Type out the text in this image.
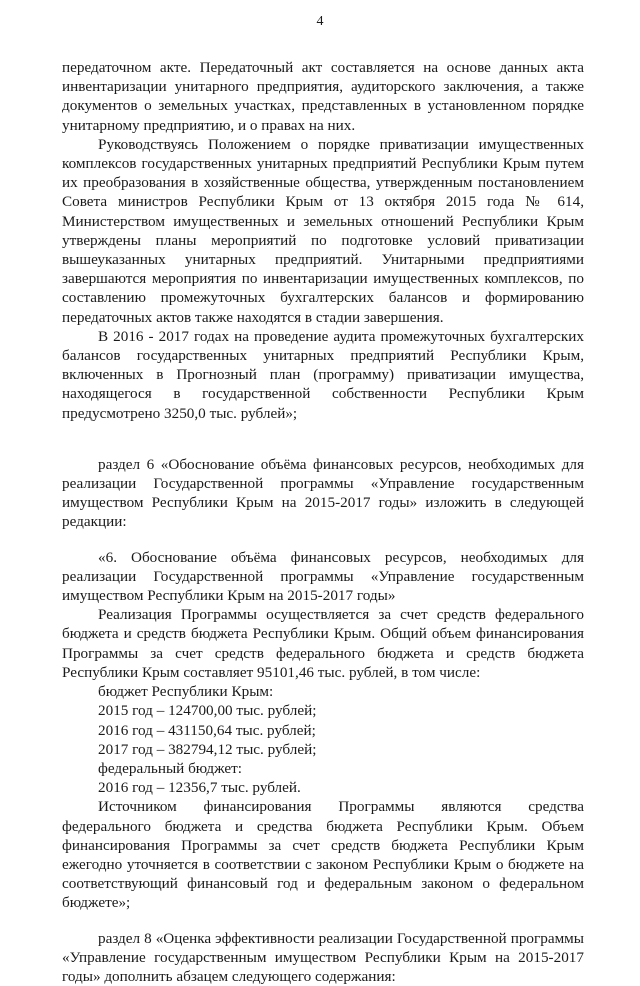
4

передаточном акте. Передаточный акт составляется на основе данных акта инвентаризации унитарного предприятия, аудиторского заключения, а также документов о земельных участках, представленных в установленном порядке унитарному предприятию, и о правах на них.

Руководствуясь Положением о порядке приватизации имущественных комплексов государственных унитарных предприятий Республики Крым путем их преобразования в хозяйственные общества, утвержденным постановлением Совета министров Республики Крым от 13 октября 2015 года № 614, Министерством имущественных и земельных отношений Республики Крым утверждены планы мероприятий по подготовке условий приватизации вышеуказанных унитарных предприятий. Унитарными предприятиями завершаются мероприятия по инвентаризации имущественных комплексов, по составлению промежуточных бухгалтерских балансов и формированию передаточных актов также находятся в стадии завершения.

В 2016 - 2017 годах на проведение аудита промежуточных бухгалтерских балансов государственных унитарных предприятий Республики Крым, включенных в Прогнозный план (программу) приватизации имущества, находящегося в государственной собственности Республики Крым предусмотрено 3250,0 тыс. рублей»;

раздел 6 «Обоснование объёма финансовых ресурсов, необходимых для реализации Государственной программы «Управление государственным имуществом Республики Крым на 2015-2017 годы» изложить в следующей редакции:

«6. Обоснование объёма финансовых ресурсов, необходимых для реализации Государственной программы «Управление государственным имуществом Республики Крым на 2015-2017 годы»

Реализация Программы осуществляется за счет средств федерального бюджета и средств бюджета Республики Крым. Общий объем финансирования Программы за счет средств федерального бюджета и средств бюджета Республики Крым составляет 95101,46 тыс. рублей, в том числе:

бюджет Республики Крым:

2015 год – 124700,00 тыс. рублей;

2016 год – 431150,64 тыс. рублей;

2017 год – 382794,12 тыс. рублей;

федеральный бюджет:

2016 год – 12356,7 тыс. рублей.

Источником финансирования Программы являются средства федерального бюджета и средства бюджета Республики Крым. Объем финансирования Программы за счет средств бюджета Республики Крым ежегодно уточняется в соответствии с законом Республики Крым о бюджете на соответствующий финансовый год и федеральным законом о федеральном бюджете»;

раздел 8 «Оценка эффективности реализации Государственной программы «Управление государственным имуществом Республики Крым на 2015-2017 годы» дополнить абзацем следующего содержания:
